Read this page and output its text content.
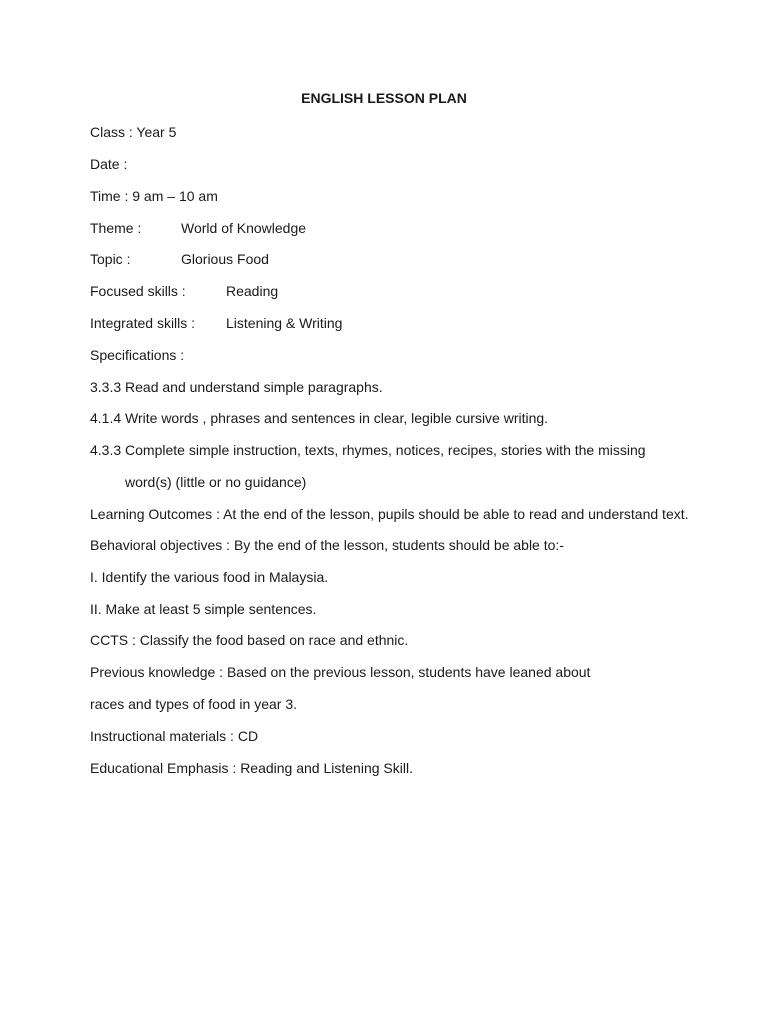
ENGLISH LESSON PLAN
Class : Year 5
Date :
Time : 9 am – 10 am
Theme :	World of Knowledge
Topic :	Glorious Food
Focused skills :	Reading
Integrated skills : Listening & Writing
Specifications :
3.3.3 Read and understand simple paragraphs.
4.1.4 Write words , phrases and sentences in clear, legible cursive writing.
4.3.3 Complete simple instruction, texts, rhymes, notices, recipes, stories with the missing
word(s) (little or no guidance)
Learning Outcomes : At the end of the lesson, pupils should be able to read and understand text.
Behavioral objectives : By the end of the lesson, students should be able to:-
I. Identify the various food in Malaysia.
II. Make at least 5 simple sentences.
CCTS : Classify the food based on race and ethnic.
Previous knowledge : Based on the previous lesson, students have leaned about
races and types of food in year 3.
Instructional materials : CD
Educational Emphasis : Reading and Listening Skill.
